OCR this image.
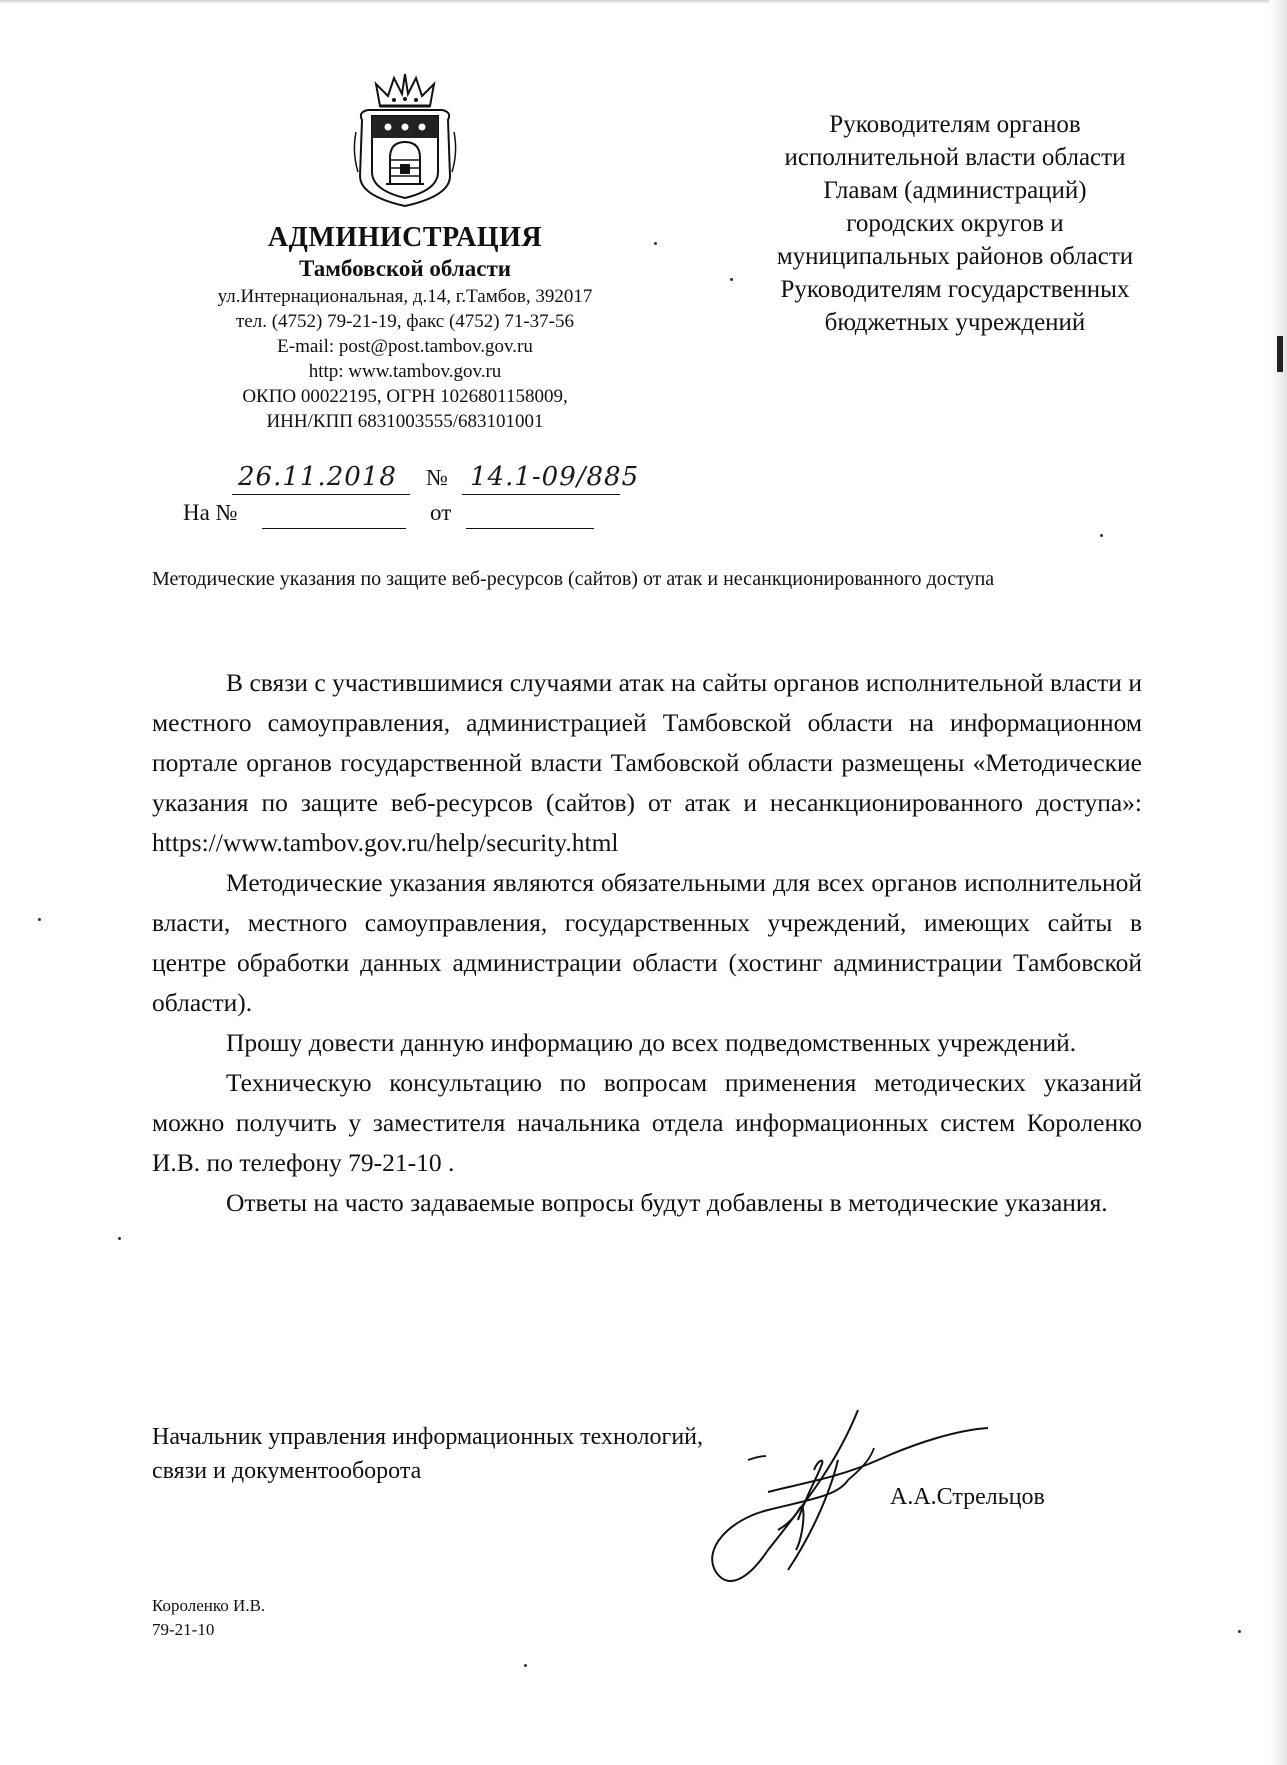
АДМИНИСТРАЦИЯ
Тамбовской области
ул.Интернациональная, д.14, г.Тамбов, 392017
тел. (4752) 79-21-19, факс (4752) 71-37-56
E-mail: post@post.tambov.gov.ru
http: www.tambov.gov.ru
ОКПО 00022195, ОГРН 1026801158009,
ИНН/КПП 6831003555/683101001
Руководителям органов
исполнительной власти области
Главам (администраций)
городских округов и
муниципальных районов области
Руководителям государственных
бюджетных учреждений
26.11.2018 № 14.1-09/885
На №	от
Методические указания по защите веб-ресурсов (сайтов) от атак и несанкционированного доступа

В связи с участившимися случаями атак на сайты органов исполнительной власти и местного самоуправления, администрацией Тамбовской области на информационном портале органов государственной власти Тамбовской области размещены «Методические указания по защите веб-ресурсов (сайтов) от атак и несанкционированного доступа»: https://www.tambov.gov.ru/help/security.html

Методические указания являются обязательными для всех органов исполнительной власти, местного самоуправления, государственных учреждений, имеющих сайты в центре обработки данных администрации области (хостинг администрации Тамбовской области).

Прошу довести данную информацию до всех подведомственных учреждений.

Техническую консультацию по вопросам применения методических указаний можно получить у заместителя начальника отдела информационных систем Короленко И.В. по телефону 79-21-10 .

Ответы на часто задаваемые вопросы будут добавлены в методические указания.

Начальник управления информационных технологий,
связи и документооборота
А.А.Стрельцов
Короленко И.В.
79-21-10
